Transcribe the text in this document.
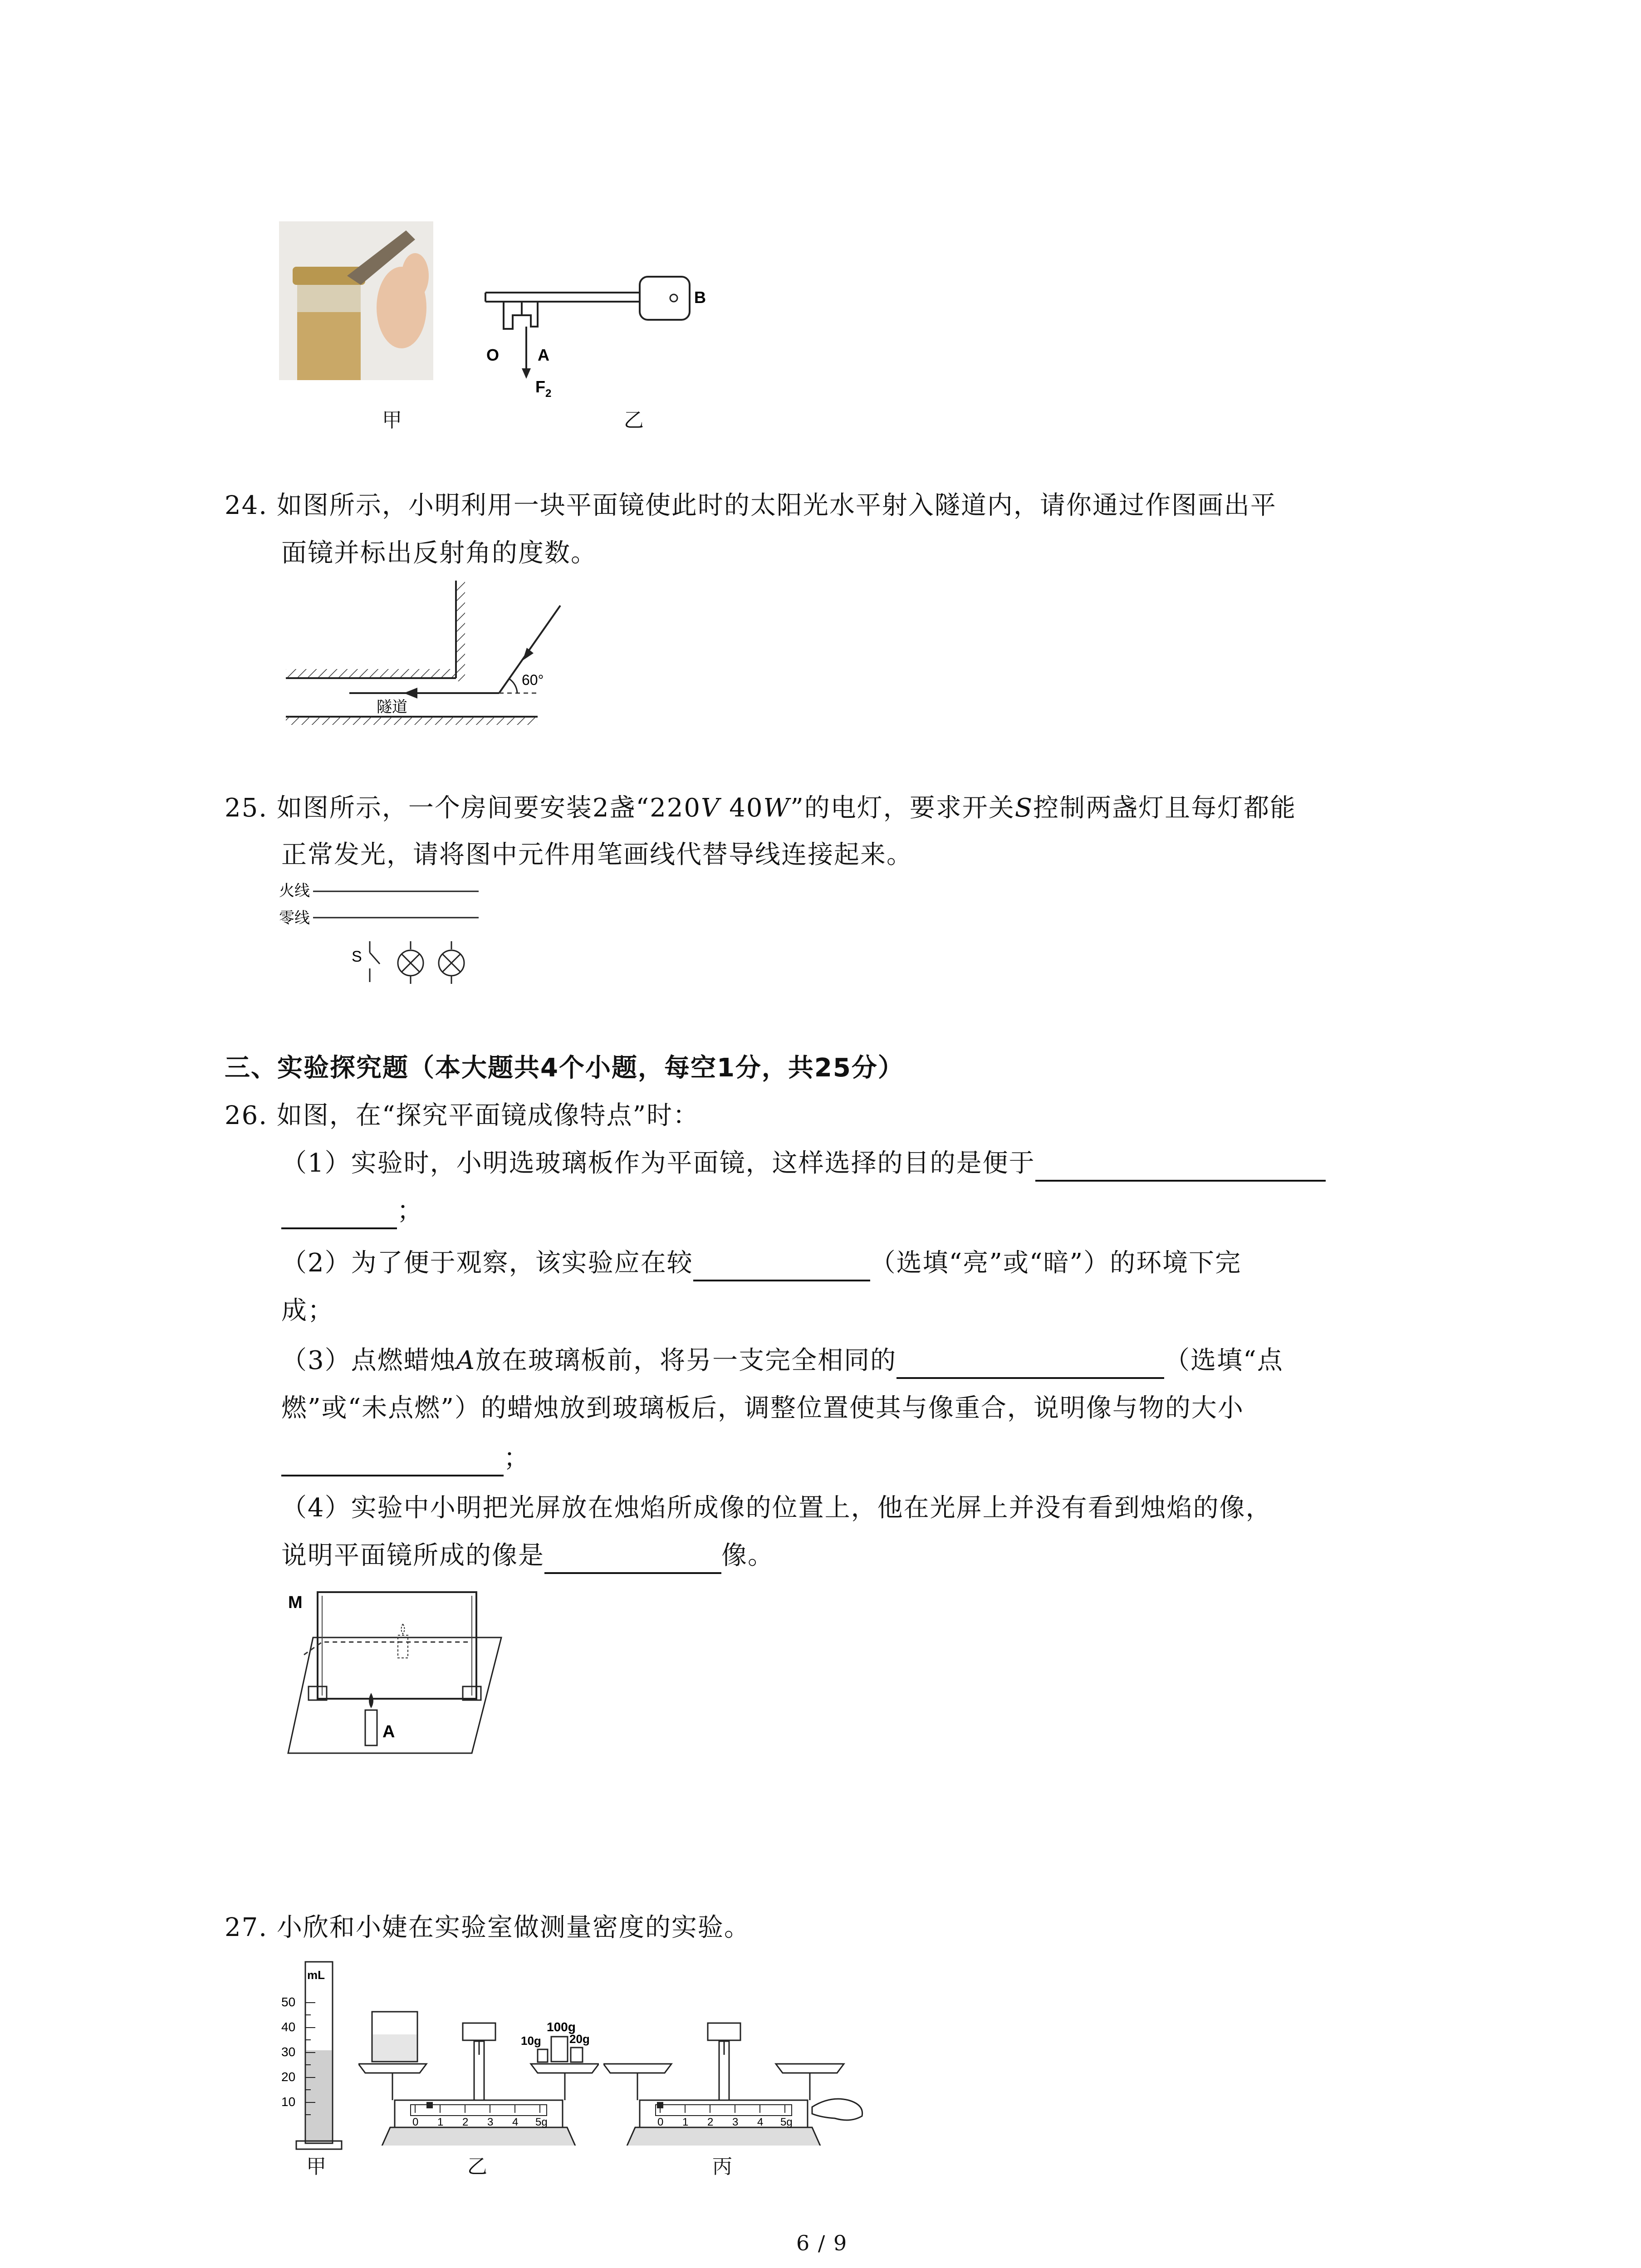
甲
O A
B
F 2
乙
24. 如图所示，小明利用一块平面镜使此时的太阳光水平射入隧道内，请你通过作图画出平
面镜并标出反射角的度数。
60°
隧道
25. 如图所示，一个房间要安装2盏“220V 40W”的电灯，要求开关S控制两盏灯且每灯都能
正常发光，请将图中元件用笔画线代替导线连接起来。
火线
零线
S
三、实验探究题（本大题共4个小题，每空1分，共25分）
26. 如图，在“探究平面镜成像特点”时：
（1）实验时，小明选玻璃板作为平面镜，这样选择的目的是便于
；
（2）为了便于观察，该实验应在较	（选填“亮”或“暗”）的环境下完
成；
（3）点燃蜡烛A放在玻璃板前，将另一支完全相同的	（选填“点
燃”或“未点燃”）的蜡烛放到玻璃板后，调整位置使其与像重合，说明像与物的大小
；
（4）实验中小明把光屏放在烛焰所成像的位置上，他在光屏上并没有看到烛焰的像，
说明平面镜所成的像是	像。
M
A
27. 小欣和小婕在实验室做测量密度的实验。
mL
50
40
30
20
10
甲
0 1 2 3 4 5g
100g
10g 20g
乙
0 1 2 3 4 5g
丙
6 / 9
